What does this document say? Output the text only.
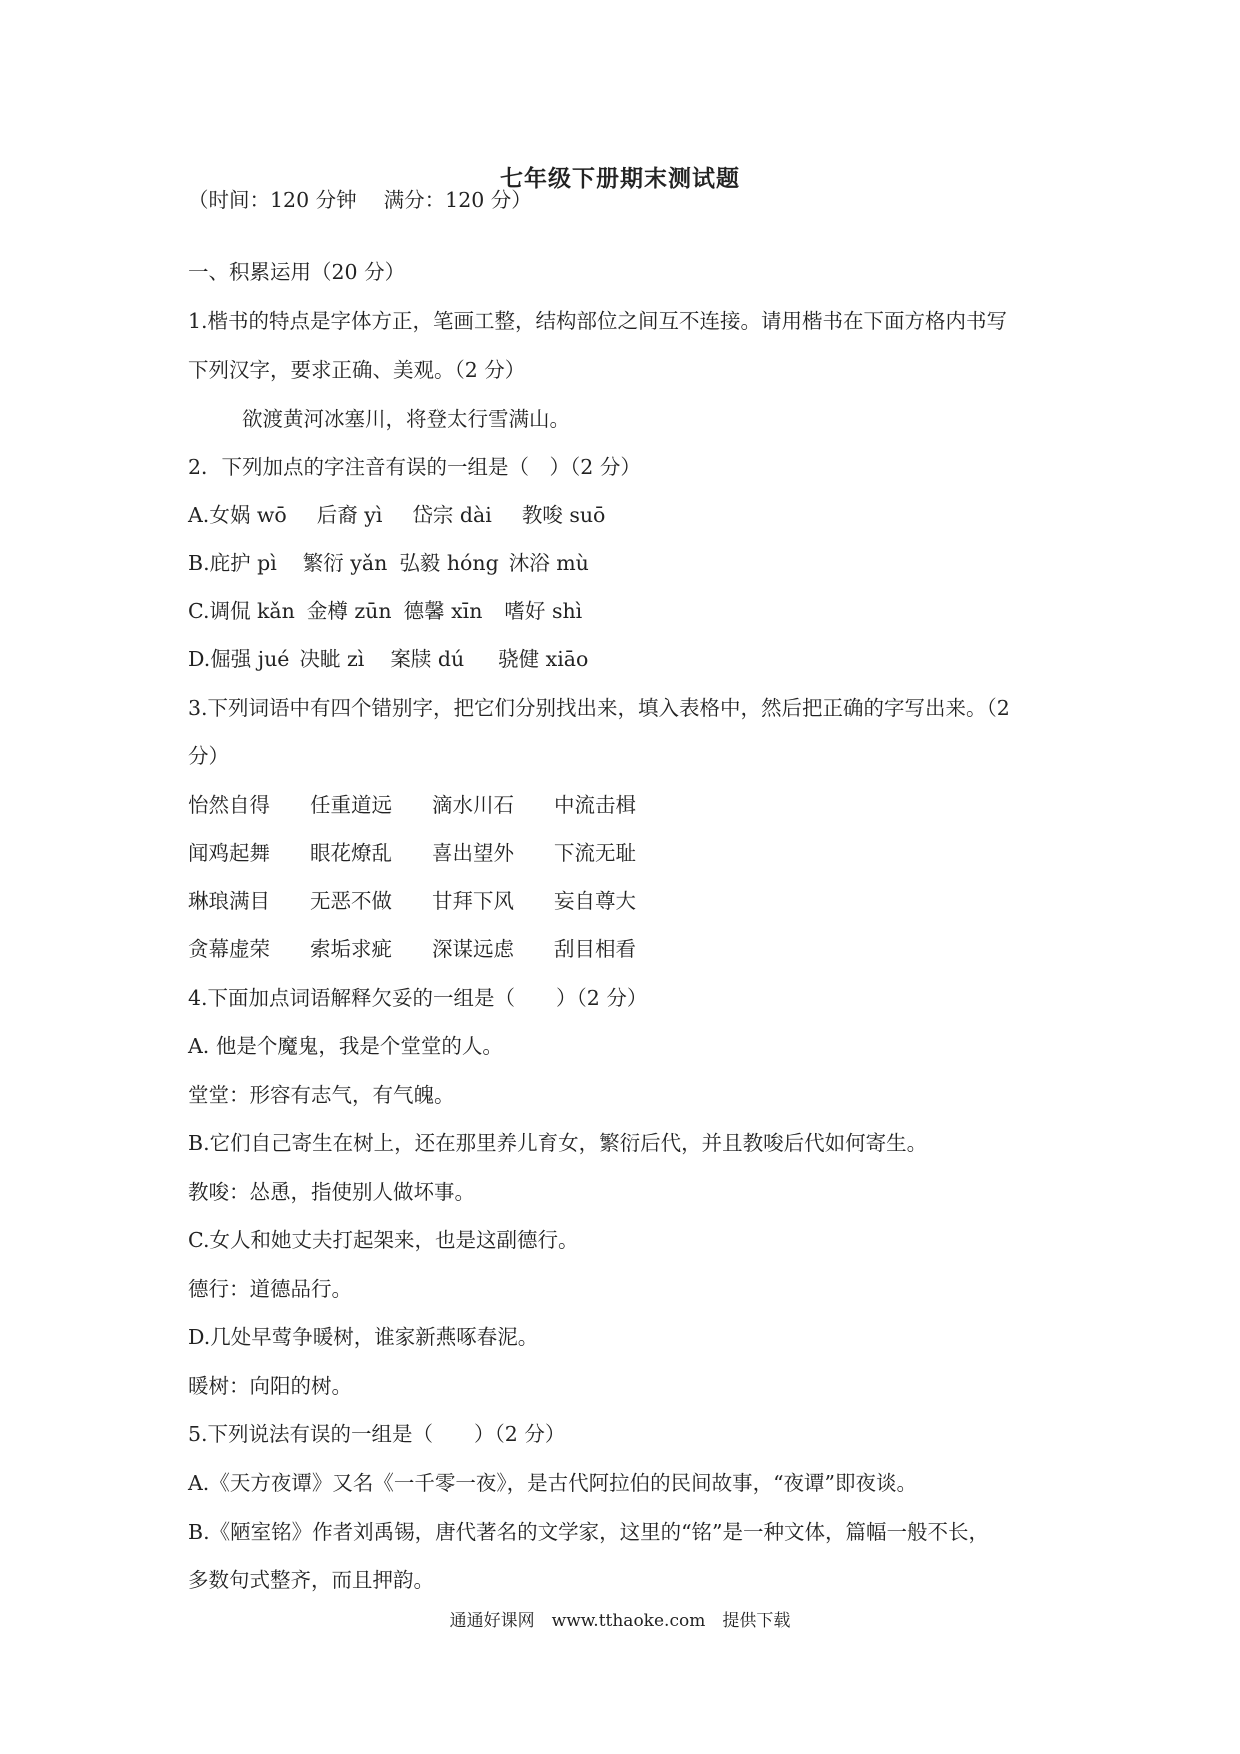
七年级下册期末测试题
（时间：120 分钟　 满分：120 分）
一、积累运用（20 分）
1.楷书的特点是字体方正，笔画工整，结构部位之间互不连接。请用楷书在下面方格内书写
下列汉字，要求正确、美观。（2 分）
欲渡黄河冰塞川，将登太行雪满山。
2．下列加点的字注音有误的一组是（　）（2 分）
A.女娲 wō 后裔 yì 岱宗 dài 教唆 suō
B.庇护 pì 繁衍 yǎn 弘毅 hóng 沐浴 mù
C.调侃 kǎn 金樽 zūn 德馨 xīn 嗜好 shì
D.倔强 jué 决眦 zì 案牍 dú 骁健 xiāo
3.下列词语中有四个错别字，把它们分别找出来，填入表格中，然后把正确的字写出来。（2
分）
怡然自得 任重道远 滴水川石 中流击楫
闻鸡起舞 眼花燎乱 喜出望外 下流无耻
琳琅满目 无恶不做 甘拜下风 妄自尊大
贪幕虚荣 索垢求疵 深谋远虑 刮目相看
4.下面加点词语解释欠妥的一组是（　　）（2 分）
A. 他是个魔鬼，我是个堂堂的人。
堂堂：形容有志气，有气魄。
B.它们自己寄生在树上，还在那里养儿育女，繁衍后代，并且教唆后代如何寄生。
教唆：怂恿，指使别人做坏事。
C.女人和她丈夫打起架来，也是这副德行。
德行：道德品行。
D.几处早莺争暖树，谁家新燕啄春泥。
暖树：向阳的树。
5.下列说法有误的一组是（　　）（2 分）
A.《天方夜谭》又名《一千零一夜》，是古代阿拉伯的民间故事，“夜谭”即夜谈。
B.《陋室铭》作者刘禹锡，唐代著名的文学家，这里的“铭”是一种文体，篇幅一般不长，
多数句式整齐，而且押韵。
通通好课网　www.tthaoke.com　提供下载
